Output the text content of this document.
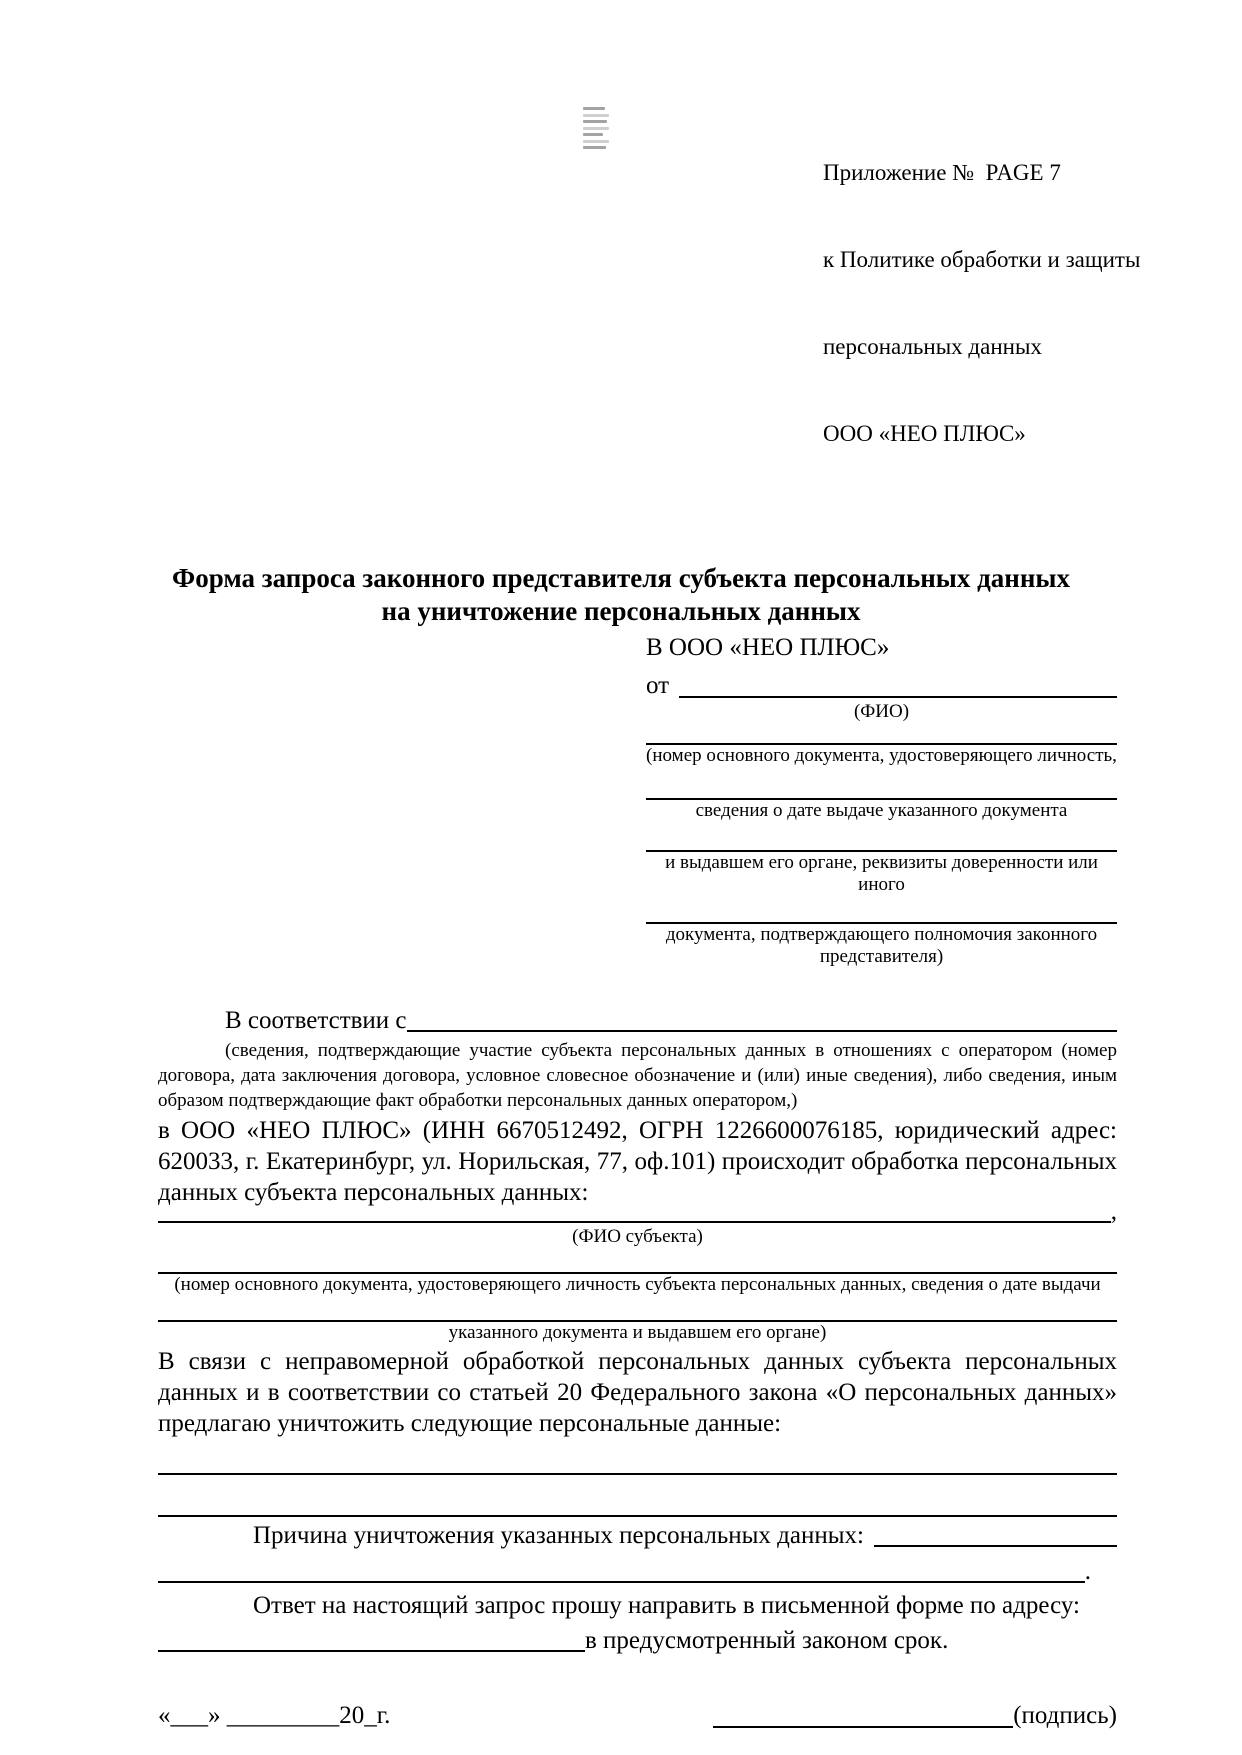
Приложение №  PAGE 7

к Политике обработки и защиты

персональных данных

ООО «НЕО ПЛЮС»

Форма запроса законного представителя субъекта персональных данных
на уничтожение персональных данных
В ООО «НЕО ПЛЮС»
от
(ФИО)
(номер основного документа, удостоверяющего личность,
сведения о дате выдаче указанного документа
и выдавшем его органе, реквизиты доверенности или иного
документа, подтверждающего полномочия законного представителя)
В соответствии с
(сведения, подтверждающие участие субъекта персональных данных в отношениях с оператором (номер договора, дата заключения договора, условное словесное обозначение и (или) иные сведения), либо сведения, иным образом подтверждающие факт обработки персональных данных оператором,)
в ООО «НЕО ПЛЮС» (ИНН 6670512492, ОГРН 1226600076185, юридический адрес: 620033, г. Екатеринбург, ул. Норильская, 77, оф.101) происходит обработка персональных данных субъекта персональных данных:
,
(ФИО субъекта)
(номер основного документа, удостоверяющего личность субъекта персональных данных, сведения о дате выдачи
указанного документа и выдавшем его органе)
В связи с неправомерной обработкой персональных данных субъекта персональных данных и в соответствии со статьей 20 Федерального закона «О персональных данных» предлагаю уничтожить следующие персональные данные:
Причина уничтожения указанных персональных данных:
.
Ответ на настоящий запрос прошу направить в письменной форме по адресу:
в предусмотренный законом срок.
«___» _________20_г.	(подпись)
